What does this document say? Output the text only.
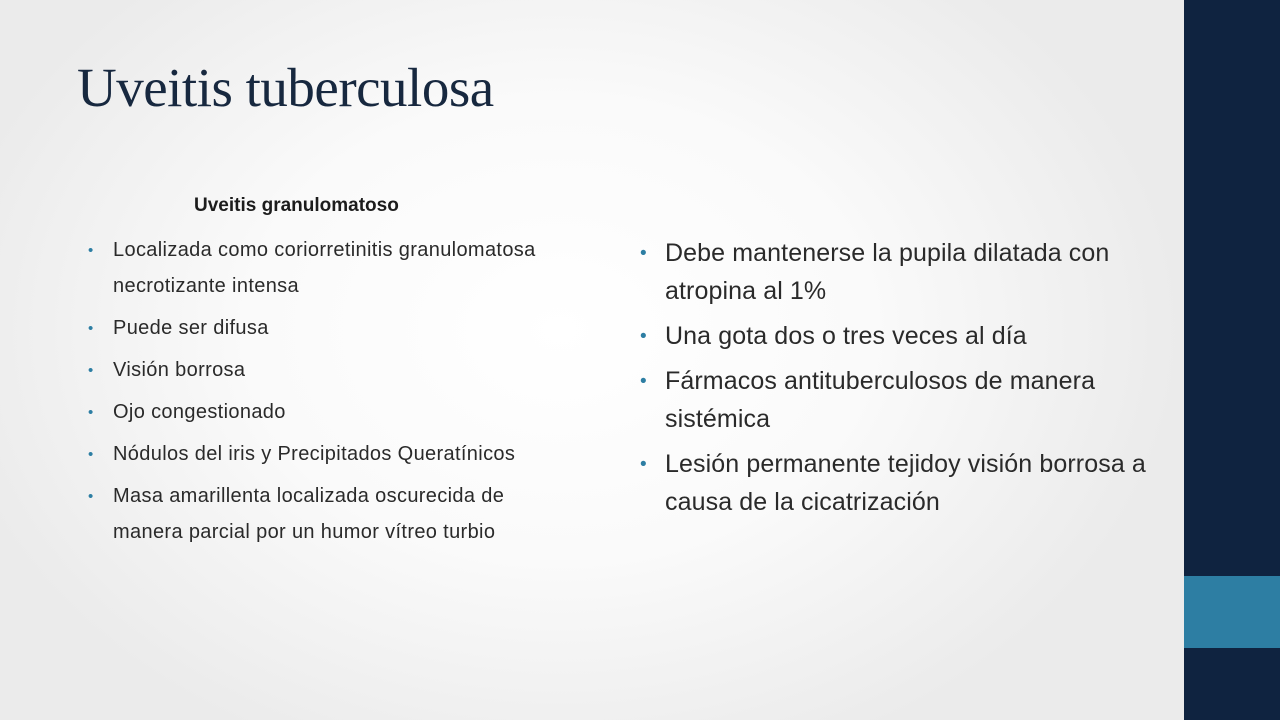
Uveitis tuberculosa
Uveitis granulomatoso
• Localizada como coriorretinitis granulomatosa necrotizante intensa
• Puede ser difusa
• Visión borrosa
• Ojo congestionado
• Nódulos del iris y Precipitados Queratínicos
• Masa amarillenta localizada oscurecida de manera parcial por un humor vítreo turbio
• Debe mantenerse la pupila dilatada con atropina al 1%
• Una gota dos o tres veces al día
• Fármacos antituberculosos de manera sistémica
• Lesión permanente tejidoy visión borrosa a causa de la cicatrización
